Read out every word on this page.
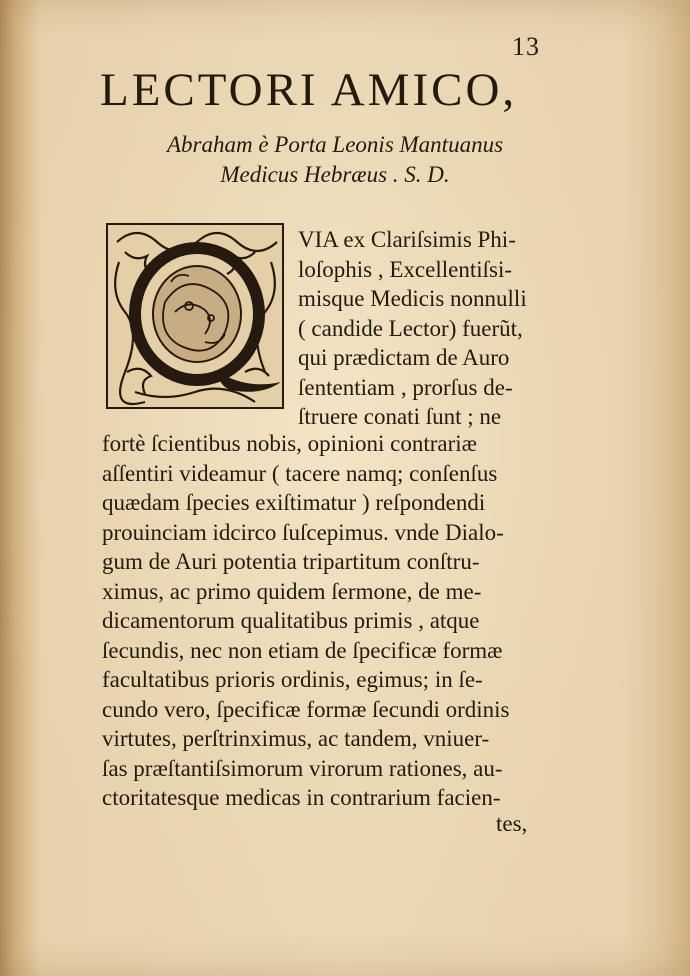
13
LECTORI AMICO,
Abraham è Porta Leonis Mantuanus
Medicus Hebræus . S. D.
VIA ex Clariſsimis Phi-
loſophis , Excellentiſsi-
misque Medicis nonnulli
( candide Lector) fuerũt,
qui prædictam de Auro
ſententiam , prorſus de-
ſtruere conati ſunt ; ne
fortè ſcientibus nobis, opinioni contrariæ
aſſentiri videamur ( tacere namq; conſenſus
quædam ſpecies exiſtimatur ) reſpondendi
prouinciam idcirco ſuſcepimus. vnde Dialo-
gum de Auri potentia tripartitum conſtru-
ximus, ac primo quidem ſermone, de me-
dicamentorum qualitatibus primis , atque
ſecundis, nec non etiam de ſpecificæ formæ
facultatibus prioris ordinis, egimus; in ſe-
cundo vero, ſpecificæ formæ ſecundi ordinis
virtutes, perſtrinximus, ac tandem, vniuer-
ſas præſtantiſsimorum virorum rationes, au-
ctoritatesque medicas in contrarium facien-
tes,
